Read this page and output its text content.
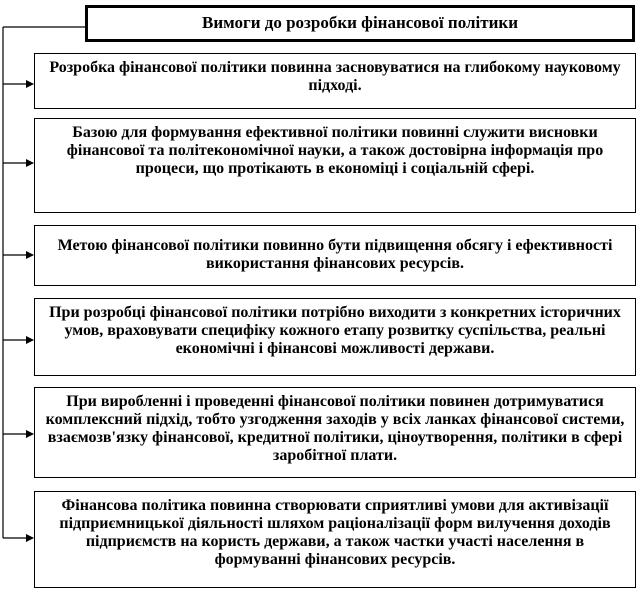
Вимоги до розробки фінансової політики
Розробка фінансової політики повинна засновуватися на глибокому науковому підході.
Базою для формування ефективної політики повинні служити висновки фінансової та політекономічної науки, а також достовірна інформація про процеси, що протікають в економіці і соціальній сфері.
Метою фінансової політики повинно бути підвищення обсягу і ефективності використання фінансових ресурсів.
При розробці фінансової політики потрібно виходити з конкретних історичних умов, враховувати специфіку кожного етапу розвитку суспільства, реальні економічні і фінансові можливості держави.
При виробленні і проведенні фінансової політики повинен дотримуватися комплексний підхід, тобто узгодження заходів у всіх ланках фінансової системи, взаємозв'язку фінансової, кредитної політики, ціноутворення, політики в сфері заробітної плати.
Фінансова політика повинна створювати сприятливі умови для активізації підприємницької діяльності шляхом раціоналізації форм вилучення доходів підприємств на користь держави, а також частки участі населення в формуванні фінансових ресурсів.
